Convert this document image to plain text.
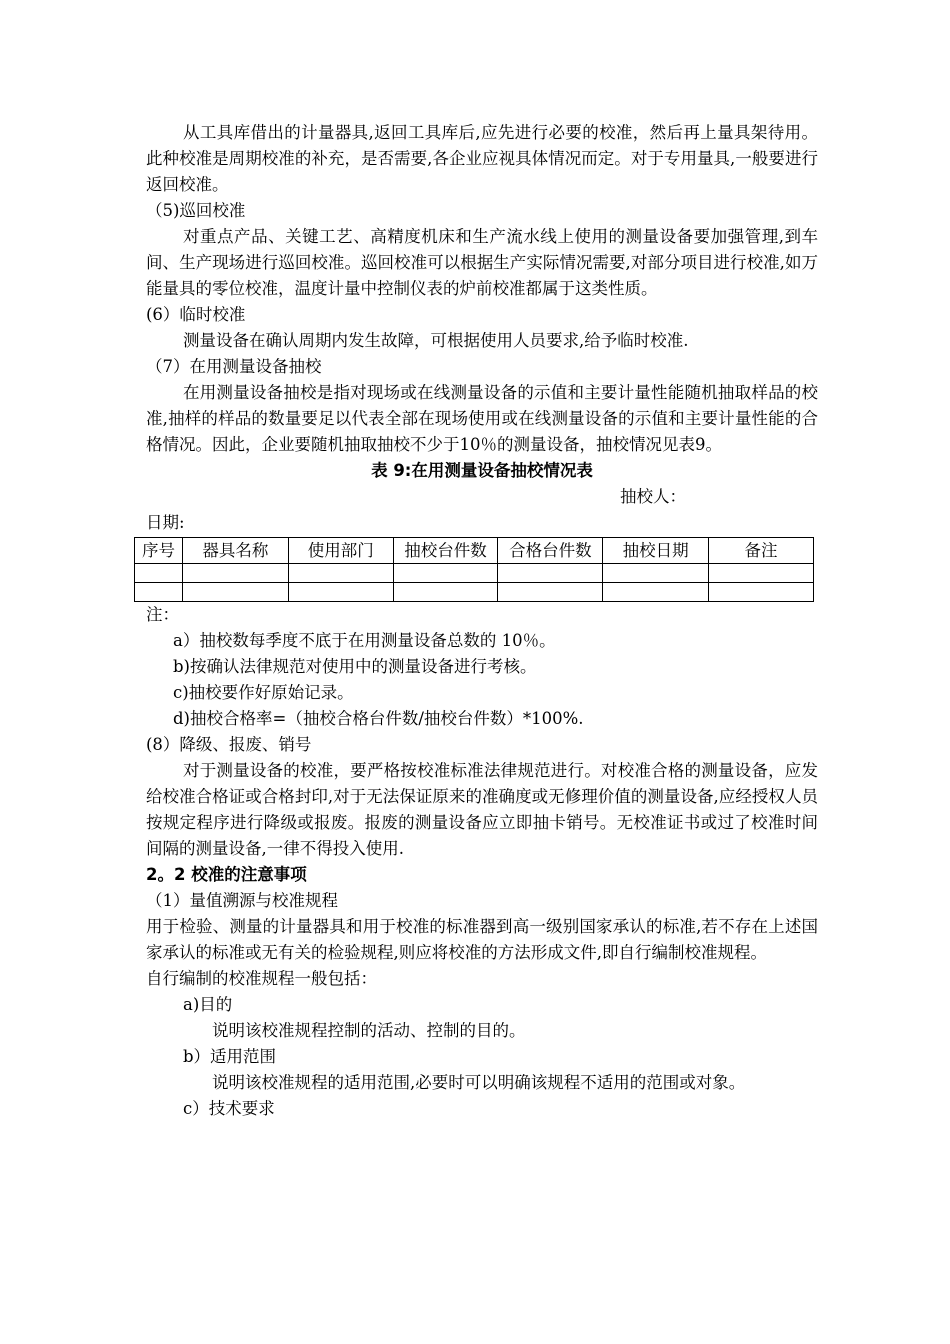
从工具库借出的计量器具,返回工具库后,应先进行必要的校准，然后再上量具架待用。此种校准是周期校准的补充，是否需要,各企业应视具体情况而定。对于专用量具,一般要进行返回校准。

（5)巡回校准

对重点产品、关键工艺、高精度机床和生产流水线上使用的测量设备要加强管理,到车间、生产现场进行巡回校准。巡回校准可以根据生产实际情况需要,对部分项目进行校准,如万能量具的零位校准，温度计量中控制仪表的炉前校准都属于这类性质。

(6）临时校准

测量设备在确认周期内发生故障，可根据使用人员要求,给予临时校准.

（7）在用测量设备抽校

在用测量设备抽校是指对现场或在线测量设备的示值和主要计量性能随机抽取样品的校准,抽样的样品的数量要足以代表全部在现场使用或在线测量设备的示值和主要计量性能的合格情况。因此，企业要随机抽取抽校不少于10％的测量设备，抽校情况见表9。

表 9:在用测量设备抽校情况表

抽校人：

日期:

序号	器具名称	使用部门	抽校台件数	合格台件数	抽校日期	备注

注：

a）抽校数每季度不底于在用测量设备总数的 10％。

b)按确认法律规范对使用中的测量设备进行考核。

c)抽校要作好原始记录。

d)抽校合格率=（抽校合格台件数/抽校台件数）*100%.

(8）降级、报废、销号

对于测量设备的校准，要严格按校准标准法律规范进行。对校准合格的测量设备，应发给校准合格证或合格封印,对于无法保证原来的准确度或无修理价值的测量设备,应经授权人员按规定程序进行降级或报废。报废的测量设备应立即抽卡销号。无校准证书或过了校准时间间隔的测量设备,一律不得投入使用.

2。2 校准的注意事项

（1）量值溯源与校准规程

用于检验、测量的计量器具和用于校准的标准器到高一级别国家承认的标准,若不存在上述国家承认的标准或无有关的检验规程,则应将校准的方法形成文件,即自行编制校准规程。

自行编制的校准规程一般包括：

a)目的

说明该校准规程控制的活动、控制的目的。

b）适用范围

说明该校准规程的适用范围,必要时可以明确该规程不适用的范围或对象。

c）技术要求
